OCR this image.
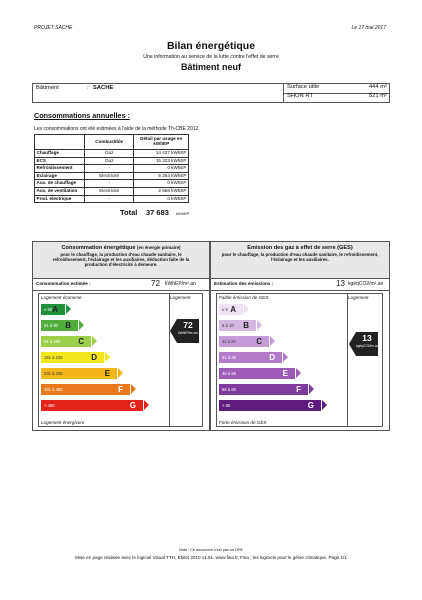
PROJET SACHE	Le 17 mai 2017
Bilan énergétique
Une information au service de la lutte contre l'effet de serre
Bâtiment neuf
Bâtiment	: SACHE	Surface utile	444 m²
SHON RT	521 m²
Consommations annuelles :
Les consommations ont été estimées à l'aide de la méthode Th-CBE 2012.
	Combustible	Détail par usage en kWhEP
Chauffage	Gaz	14 437 kWhEP
ECS	Gaz	15 323 kWhEP
Refroidissement	-	0 kWhEP
Eclairage	Electricité	5 254 kWhEP
Aux. de chauffage	-	0 kWhEP
Aux. de ventilation	Electricité	2 668 kWhEP
Prod. électrique	-	0 kWhEP
Total 37 683 kWhEP
Consommation énergétique (en énergie primaire)
pour le chauffage, la production d'eau chaude sanitaire, le refroidissement, l'éclairage et les auxiliaires, déduction faite de la production d'électricité à demeure.
Consommation estimée :	72 kWhEP/m².an
Logement économe
Logement énergivore
≤ 50 A
51 à 90 B
91 à 150 C
151 à 230	D
231 à 330	E
331 à 450	F
> 450	G
Logement
72
kWhEP/m².an
Emission des gaz à effet de serre (GES)
pour le chauffage, la production d'eau chaude sanitaire, le refroidissement, l'éclairage et les auxiliaires.
Estimation des émissions :	13 kgéqCO2/m².an
Faible émission de GES
Forte émission de GES
≤ 5 A
6 à 10 B
11 à 20	C
21 à 35	D
36 à 55	E
56 à 80	F
> 80	G
Logement
13
kgéqCO2/m².an
Note : Ce document n'est pas un DPE
Mise en page réalisée avec le logiciel Visual TTH, Ebilet 2010 v1.51. www.fisa.fr, Fisa : les logiciels pour le génie climatique. Page 1/1
